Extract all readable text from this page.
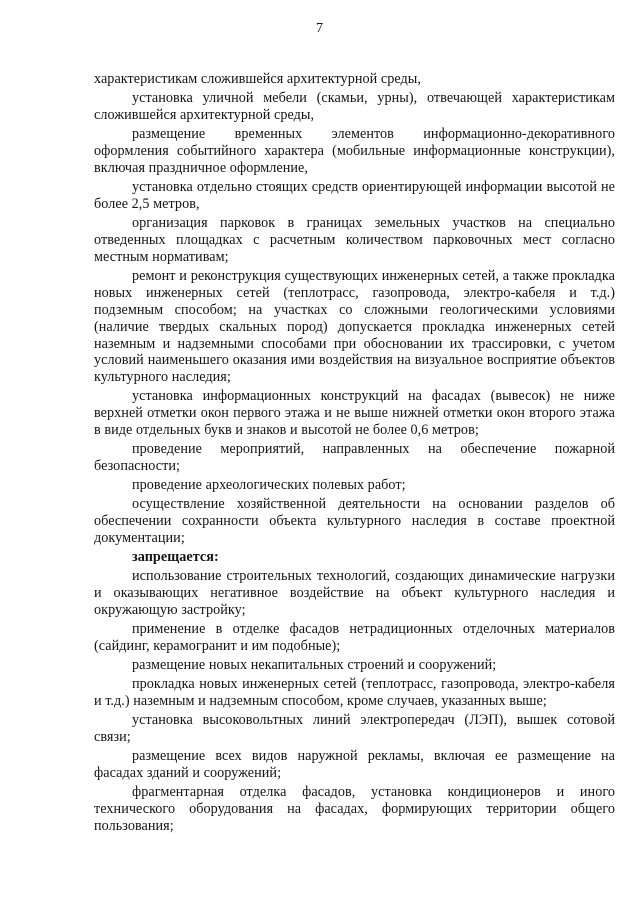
7

характеристикам сложившейся архитектурной среды,

установка уличной мебели (скамьи, урны), отвечающей характеристикам сложившейся архитектурной среды,

размещение временных элементов информационно-декоративного оформления событийного характера (мобильные информационные конструкции), включая праздничное оформление,

установка отдельно стоящих средств ориентирующей информации высотой не более 2,5 метров,

организация парковок в границах земельных участков на специально отведенных площадках с расчетным количеством парковочных мест согласно местным нормативам;

ремонт и реконструкция существующих инженерных сетей, а также прокладка новых инженерных сетей (теплотрасс, газопровода, электро-кабеля и т.д.) подземным способом; на участках со сложными геологическими условиями (наличие твердых скальных пород) допускается прокладка инженерных сетей наземным и надземными способами при обосновании их трассировки, с учетом условий наименьшего оказания ими воздействия на визуальное восприятие объектов культурного наследия;

установка информационных конструкций на фасадах (вывесок) не ниже верхней отметки окон первого этажа и не выше нижней отметки окон второго этажа в виде отдельных букв и знаков и высотой не более 0,6 метров;

проведение мероприятий, направленных на обеспечение пожарной безопасности;

проведение археологических полевых работ;

осуществление хозяйственной деятельности на основании разделов об обеспечении сохранности объекта культурного наследия в составе проектной документации;

запрещается:

использование строительных технологий, создающих динамические нагрузки и оказывающих негативное воздействие на объект культурного наследия и окружающую застройку;

применение в отделке фасадов нетрадиционных отделочных материалов (сайдинг, керамогранит и им подобные);

размещение новых некапитальных строений и сооружений;

прокладка новых инженерных сетей (теплотрасс, газопровода, электро-кабеля и т.д.) наземным и надземным способом, кроме случаев, указанных выше;

установка высоковольтных линий электропередач (ЛЭП), вышек сотовой связи;

размещение всех видов наружной рекламы, включая ее размещение на фасадах зданий и сооружений;

фрагментарная отделка фасадов, установка кондиционеров и иного технического оборудования на фасадах, формирующих территории общего пользования;
